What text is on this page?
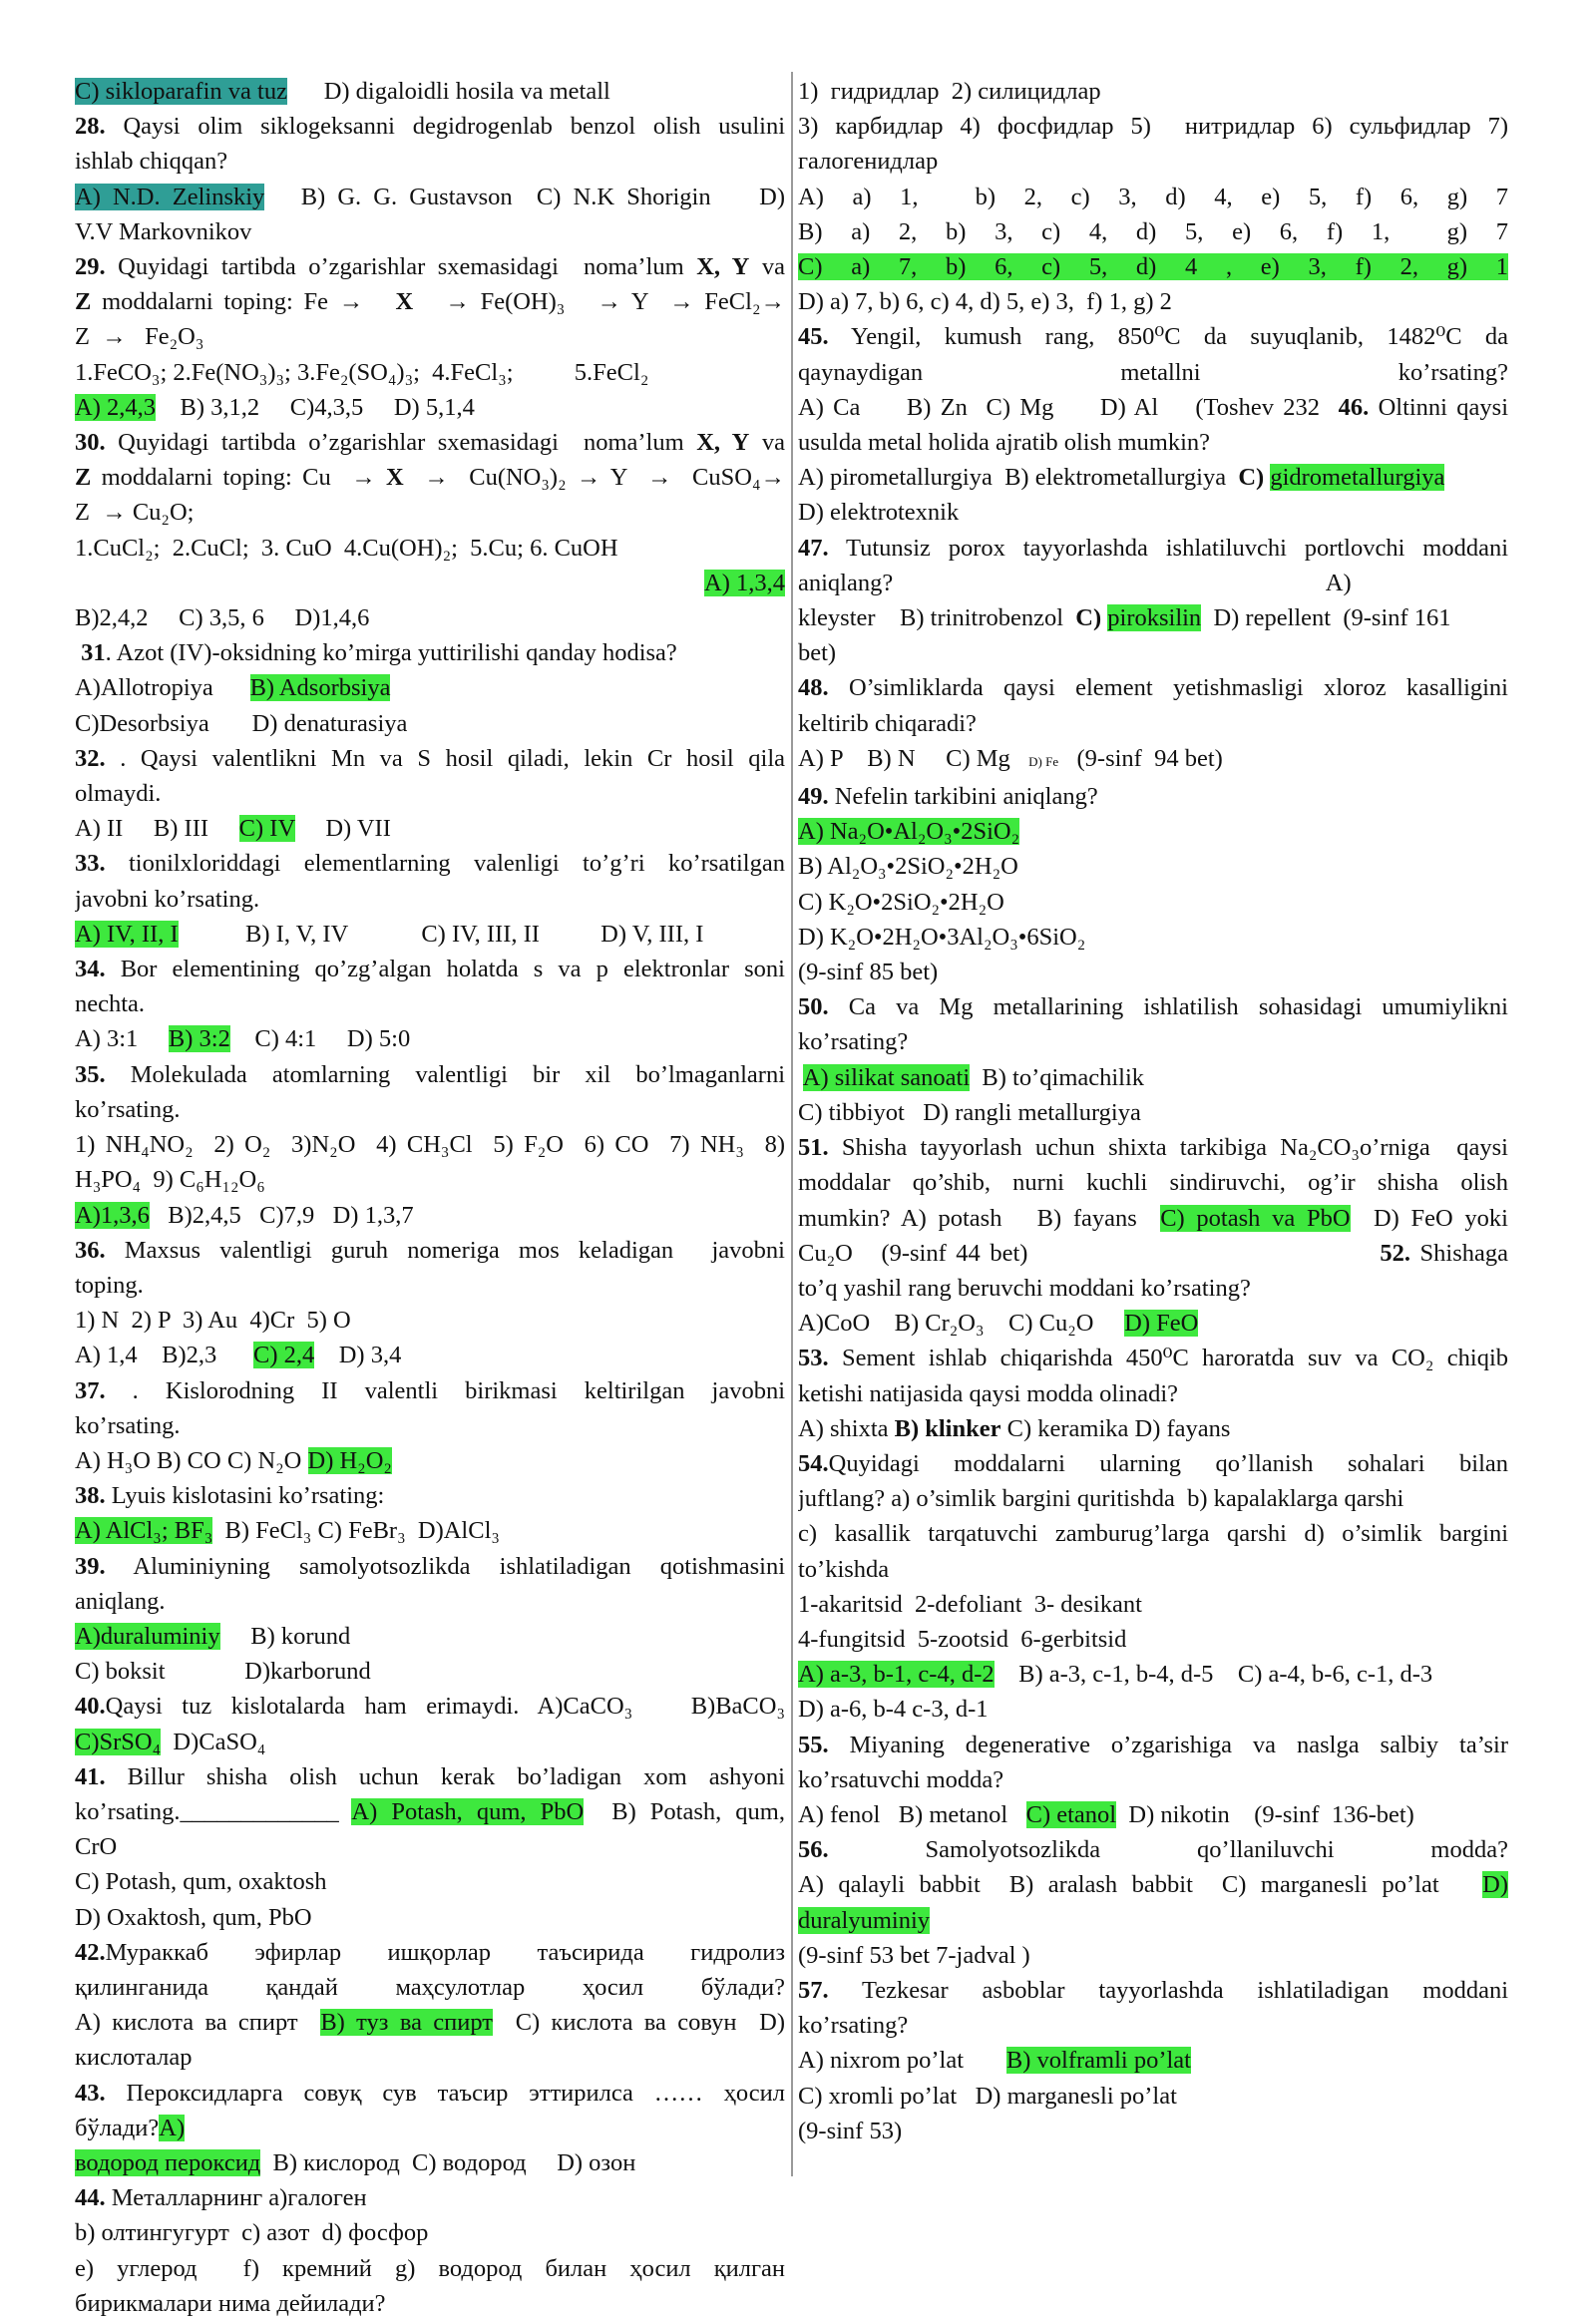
C) sikloparafin va tuz      D) digaloidli hosila va metall
28. Qaysi olim siklogeksanni degidrogenlab benzol olish usulini
ishlab chiqqan?
A) N.D. Zelinskiy   B) G. G. Gustavson  C) N.K Shorigin    D)
V.V Markovnikov
29. Quyidagi tartibda o’zgarishlar sxemasidagi  noma’lum X, Y va
Z moddalarni toping: Fe →   X   → Fe(OH)₃   → Y  → FeCl₂→
Z  →   Fe₂O₃
1.FeCO₃; 2.Fe(NO₃)₃; 3.Fe₂(SO₄)₃;  4.FeCl₃;          5.FeCl₂
A) 2,4,3    B) 3,1,2     C)4,3,5     D) 5,1,4
30. Quyidagi tartibda o’zgarishlar sxemasidagi  noma’lum X, Y va
Z moddalarni toping: Cu  → X  →  Cu(NO₃)₂ → Y  →  CuSO₄→
Z  → Cu₂O;
1.CuCl₂;  2.CuCl;  3. CuO  4.Cu(OH)₂;  5.Cu; 6. CuOH
A) 1,3,4
B)2,4,2     C) 3,5, 6     D)1,4,6
31. Azot (IV)-oksidning ko’mirga yuttirilishi qanday hodisa?
A)Allotropiya      B) Adsorbsiya
C)Desorbsiya       D) denaturasiya
32. . Qaysi valentlikni Mn va S hosil qiladi, lekin Cr hosil qila
olmaydi.
A) II     B) III     C) IV     D) VII
33. tionilxloriddagi elementlarning valenligi to’g’ri ko’rsatilgan
javobni ko’rsating.
A) IV, II, I           B) I, V, IV            C) IV, III, II          D) V, III, I
34. Bor elementining qo’zg’algan holatda s va p elektronlar soni
nechta.
A) 3:1     B) 3:2    C) 4:1     D) 5:0
35. Molekulada atomlarning valentligi bir xil bo’lmaganlarni
ko’rsating.
1) NH₄NO₂  2) O₂  3)N₂O  4) CH₃Cl  5) F₂O  6) CO  7) NH₃  8)
H₃PO₄  9) C₆H₁₂O₆
A)1,3,6   B)2,4,5   C)7,9   D) 1,3,7
36. Maxsus valentligi guruh nomeriga mos keladigan  javobni
toping.
1) N  2) P  3) Au  4)Cr  5) O
A) 1,4    B)2,3      C) 2,4    D) 3,4
37.  .  Kislorodning  II  valentli  birikmasi  keltirilgan  javobni
ko’rsating.
A) H₃O B) CO C) N₂O D) H₂O₂
38. Lyuis kislotasini ko’rsating:
A) AlCl₃; BF₃  B) FeCl₃ C) FeBr₃  D)AlCl₃
39. Aluminiyning samolyotsozlikda ishlatiladigan qotishmasini
aniqlang.
A)duraluminiy     B) korund
C) boksit             D)karborund
40.Qaysi tuz kislotalarda ham erimaydi. A)CaCO₃   B)BaCO₃
C)SrSO₄  D)CaSO₄
41. Billur shisha olish uchun kerak bo’ladigan xom ashyoni
ko’rsating._____________ A) Potash, qum, PbO  B) Potash, qum,
CrO
C) Potash, qum, oxaktosh
D) Oxaktosh, qum, PbO
42.Мураккаб  эфирлар  ишқорлар  таъсирида  гидролиз
қилинганида  қандай  маҳсулотлар  ҳосил  бўлади?
A) кислота ва спирт  B) туз ва спирт  C) кислота ва совун  D)
кислоталар
43. Пероксидларга совуқ сув таъсир эттирилса …… ҳосил
бўлади?A)
водород пероксид  B) кислород  C) водород     D) озон
44. Металларнинг а)галоген
b) олтингугурт  c) азот  d) фосфор
e)  углерод    f)  кремний  g)  водород  билан  ҳосил  қилган
бирикмалари нима дейилади?
1)  гидридлар  2) силицидлар
3) карбидлар 4) фосфидлар 5)  нитридлар 6) сульфидлар 7)
галогенидлар
A)   a)   1,      b)   2,   c)   3,   d)   4,   e)   5,   f)   6,   g)   7
B)   a)   2,   b)   3,   c)   4,   d)   5,   e)   6,   f)   1,      g)   7
C)   a)   7,   b)   6,   c)   5,   d)   4   ,   e)   3,   f)   2,   g)   1
D) a) 7, b) 6, c) 4, d) 5, e) 3,  f) 1, g) 2
45.  Yengil,  kumush  rang,  850⁰C  da  suyuqlanib,  1482⁰C  da
qaynaydigan                    metallni                    ko’rsating?
A) Ca     B) Zn  C) Mg     D) Al    (Toshev 232  46. Oltinni qaysi
usulda metal holida ajratib olish mumkin?
A) pirometallurgiya  B) elektrometallurgiya  C) gidrometallurgiya
D) elektrotexnik
47. Tutunsiz porox tayyorlashda ishlatiluvchi portlovchi moddani
aniqlang?                                                                       A)
kleyster    B) trinitrobenzol  C) piroksilin  D) repellent  (9-sinf 161
bet)
48. O’simliklarda qaysi element yetishmasligi xloroz kasalligini
keltirib chiqaradi?
A) P    B) N     C) Mg   D) Fe   (9-sinf  94 bet)
49. Nefelin tarkibini aniqlang?
A) Na₂O•Al₂O₃•2SiO₂
B) Al₂O₃•2SiO₂•2H₂O
C) K₂O•2SiO₂•2H₂O
D) K₂O•2H₂O•3Al₂O₃•6SiO₂
(9-sinf 85 bet)
50. Ca va Mg metallarining ishlatilish sohasidagi umumiylikni
ko’rsating?
A) silikat sanoati  B) to’qimachilik
C) tibbiyot   D) rangli metallurgiya
51. Shisha tayyorlash uchun shixta tarkibiga Na₂CO₃o’rniga  qaysi
moddalar qo’shib, nurni kuchli sindiruvchi, og’ir shisha olish
mumkin? A) potash   B) fayans  C) potash va PbO  D) FeO yoki
Cu₂O   (9-sinf 44 bet)                                     52. Shishaga
to’q yashil rang beruvchi moddani ko’rsating?
A)CoO    B) Cr₂O₃    C) Cu₂O     D) FeO
53. Sement ishlab chiqarishda 450⁰C haroratda suv va CO₂ chiqib
ketishi natijasida qaysi modda olinadi?
A) shixta B) klinker C) keramika D) fayans
54.Quyidagi  moddalarni  ularning  qo’llanish  sohalari  bilan
juftlang? a) o’simlik bargini quritishda  b) kapalaklarga qarshi
c) kasallik tarqatuvchi zamburug’larga qarshi d) o’simlik bargini
to’kishda
1-akaritsid  2-defoliant  3- desikant
4-fungitsid  5-zootsid  6-gerbitsid
A) a-3, b-1, c-4, d-2    B) a-3, c-1, b-4, d-5    C) a-4, b-6, c-1, d-3
D) a-6, b-4 c-3, d-1
55. Miyaning degenerative o’zgarishiga va naslga salbiy ta’sir
ko’rsatuvchi modda?
A) fenol   B) metanol   C) etanol  D) nikotin    (9-sinf  136-bet)
56.          Samolyotsozlikda          qo’llaniluvchi          modda?
A) qalayli babbit  B) aralash babbit  C) marganesli po’lat   D)
duralyuminiy
(9-sinf 53 bet 7-jadval )
57.  Tezkesar  asboblar  tayyorlashda  ishlatiladigan  moddani
ko’rsating?
A) nixrom po’lat       B) volframli po’lat
C) xromli po’lat   D) marganesli po’lat
(9-sinf 53)
